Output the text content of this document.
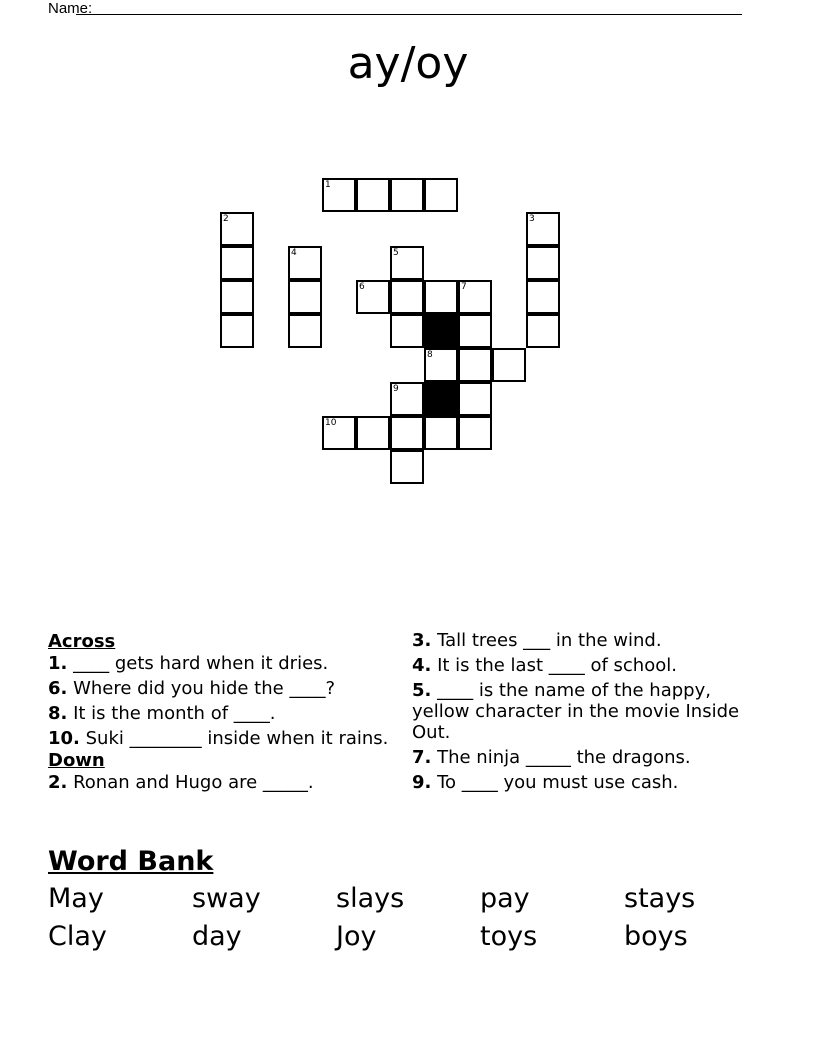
Name:
ay/oy
1
2	3
4	5
6	7
8
9
10
Across
1. ____ gets hard when it dries.
6. Where did you hide the ____?
8. It is the month of ____.
10. Suki ________ inside when it rains.
Down
2. Ronan and Hugo are _____.
3. Tall trees ___ in the wind.
4. It is the last ____ of school.
5. ____ is the name of the happy, yellow character in the movie Inside Out.
7. The ninja _____ the dragons.
9. To ____ you must use cash.
Word Bank
May	sway	slays	pay	stays
Clay	day	Joy	toys	boys
